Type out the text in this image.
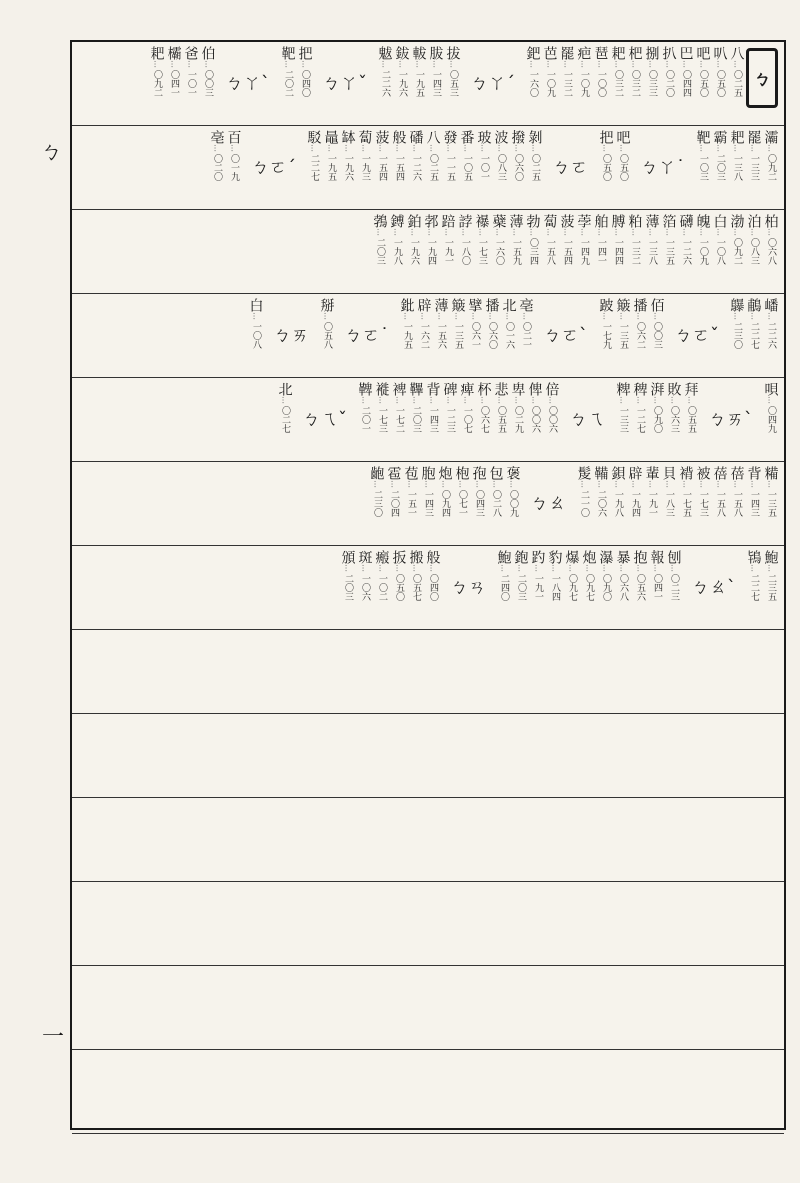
ㄅ
一
ㄅ
八
…
〇二五
叭
…
〇五〇
吧
…
〇五〇
巴
…
〇四四
扒
…
〇二〇
捌
…
〇三三
杷
…
〇三二
耙
…
〇三二
琶
…
一〇〇
疤
…
一〇九
罷
…
一三二
芭
…
一〇九
鈀
…
一六〇
ㄅㄚˊ
拔
…
〇五三
胈
…
一四三
軷
…
一九五
鈸
…
一九六
魃
…
二二六
ㄅㄚˇ
把
…
〇四〇
靶
…
二〇二
ㄅㄚˋ
伯
…
〇〇三
爸
…
一〇一
欛
…
〇四一
耙
…
〇九二
灞
…
〇九二
罷
…
一三三
耙
…
一三八
霸
…
二〇三
靶
…
一〇三
ㄅㄚ˙
吧
…
〇五〇
把
…
〇五〇
ㄅㄛ
剝
…
〇二五
撥
…
〇六〇
波
…
〇八三
玻
…
一〇一
番
…
一〇五
發
…
一一五
八
…
〇二五
磻
…
一二六
般
…
一五四
菠
…
一五四
蔔
…
一九三
缽
…
一九六
鼂
…
一九五
駁
…
二二七
ㄅㄛˊ
百
…
〇一九
亳
…
〇二〇
柏
…
〇六八
泊
…
〇八三
渤
…
〇九二
白
…
一〇八
魄
…
一〇九
礴
…
一二六
箔
…
一三五
薄
…
一三八
粕
…
一三二
膊
…
一四四
舶
…
一四一
荸
…
一四九
菠
…
一五四
蔔
…
一五八
勃
…
〇三四
薄
…
一五九
蘗
…
一六〇
襮
…
一七三
誖
…
一八〇
踣
…
一九一
郣
…
一九四
鉑
…
一九六
鎛
…
一九八
鵓
…
二〇三
嶓
…
二二六
鵏
…
二二七
鸔
…
二三〇
ㄅㄛˇ
佰
…
〇〇三
播
…
〇六二
簸
…
一三五
跛
…
一七九
ㄅㄛˋ
亳
…
〇二一
北
…
〇一六
播
…
〇六〇
擘
…
〇六一
簸
…
一三五
薄
…
一五六
辟
…
一六二
鈚
…
一九五
ㄅㄛ˙
掰
…
〇五八
ㄅㄞ
白
…
一〇八
唄
…
〇四九
ㄅㄞˋ
拜
…
〇五五
敗
…
〇六三
湃
…
〇九〇
稗
…
一二七
粺
…
一三三
ㄅㄟ
倍
…
〇〇六
俾
…
〇〇六
卑
…
〇二九
悲
…
〇五五
杯
…
〇六七
痺
…
一〇七
碑
…
一二三
背
…
一四三
鞸
…
二〇三
裨
…
一七二
褷
…
一七三
鞞
…
二〇一
ㄅㄟˇ
北
…
〇二七
糒
…
一三五
背
…
一四三
蓓
…
一五八
蓓
…
一五八
被
…
一七三
褙
…
一七五
貝
…
一八三
輩
…
一九一
辟
…
一九四
鋇
…
一九八
鞴
…
二〇六
髲
…
二一〇
ㄅㄠ
褒
…
〇〇九
包
…
〇二八
孢
…
〇四三
枹
…
〇七一
炮
…
〇九四
胞
…
一四三
苞
…
一五一
雹
…
二〇四
齙
…
二三〇
鮑
…
二三五
鴇
…
二二七
ㄅㄠˋ
刨
…
〇二三
報
…
〇四一
抱
…
〇五六
暴
…
〇六八
瀑
…
〇九〇
炮
…
〇九七
爆
…
〇九七
豹
…
一八四
趵
…
一九一
鉋
…
二〇三
鮑
…
二四〇
ㄅㄢ
般
…
〇四〇
搬
…
〇五七
扳
…
〇五〇
瘢
…
一〇二
斑
…
一〇六
頒
…
二〇三
